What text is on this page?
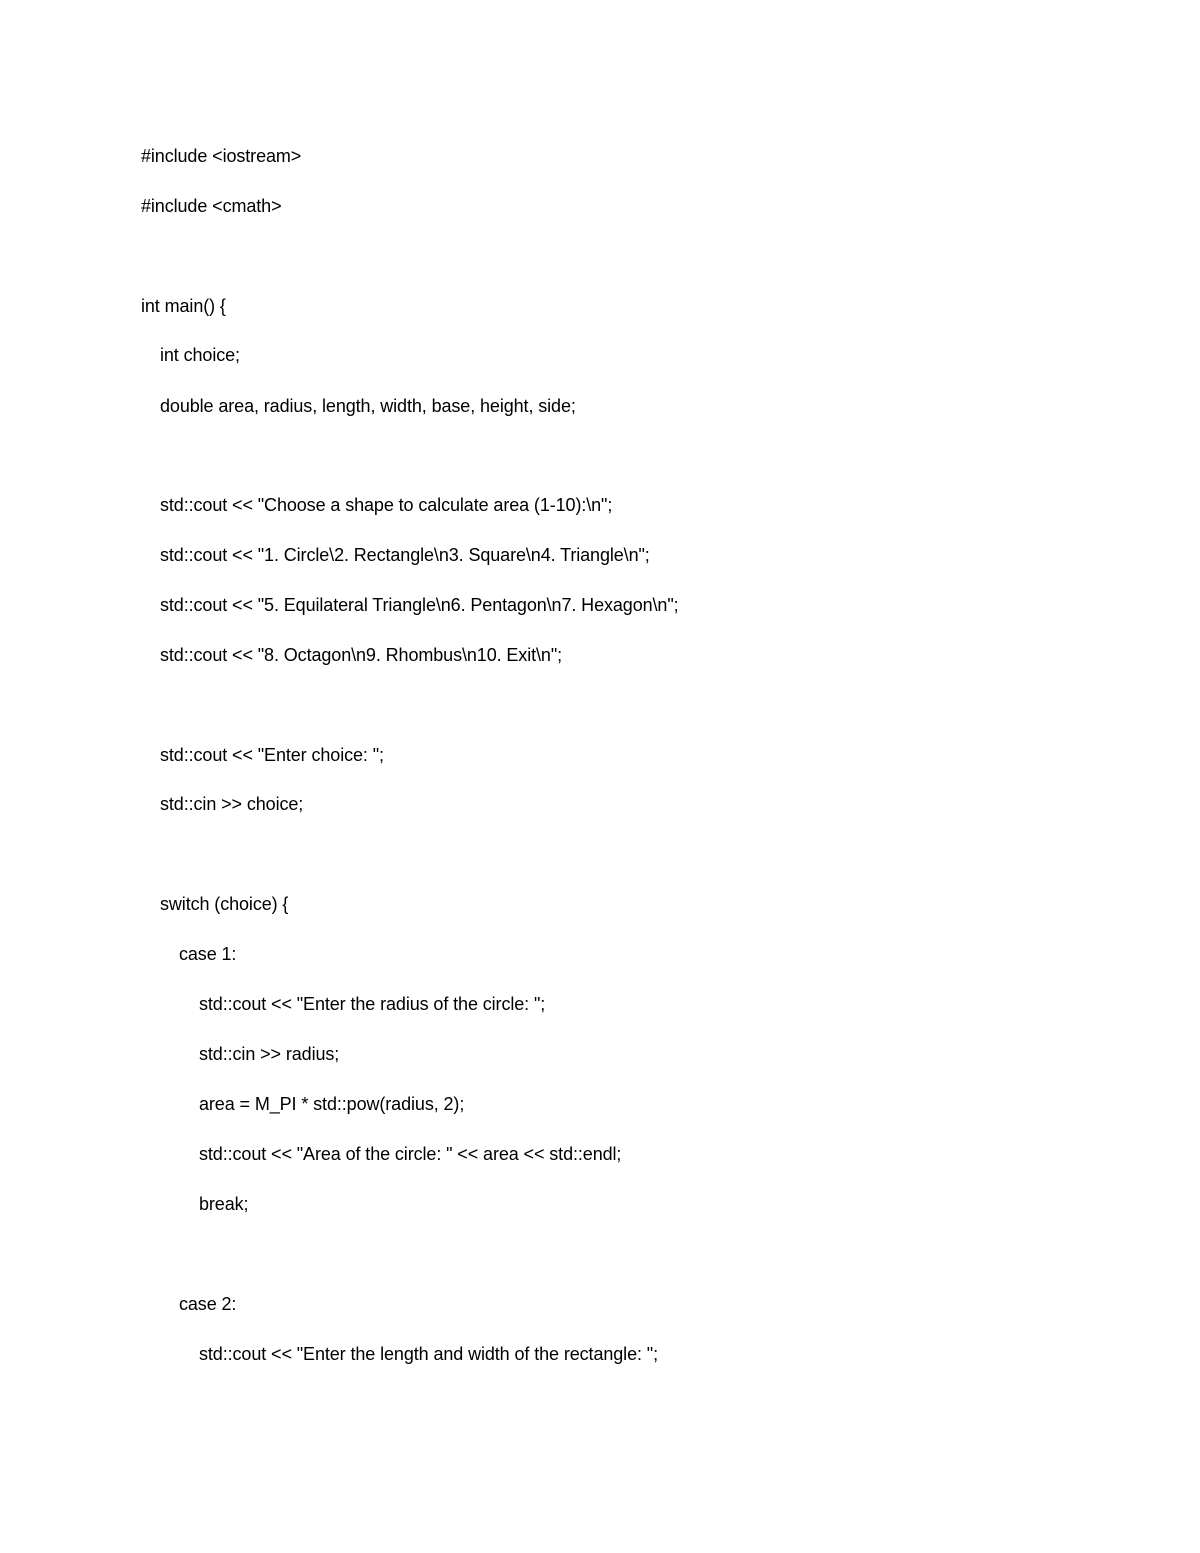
#include <iostream>
#include <cmath>
int main() {
int choice;
double area, radius, length, width, base, height, side;
std::cout << "Choose a shape to calculate area (1-10):\n";
std::cout << "1. Circle\2. Rectangle\n3. Square\n4. Triangle\n";
std::cout << "5. Equilateral Triangle\n6. Pentagon\n7. Hexagon\n";
std::cout << "8. Octagon\n9. Rhombus\n10. Exit\n";
std::cout << "Enter choice: ";
std::cin >> choice;
switch (choice) {
case 1:
std::cout << "Enter the radius of the circle: ";
std::cin >> radius;
area = M_PI * std::pow(radius, 2);
std::cout << "Area of the circle: " << area << std::endl;
break;
case 2:
std::cout << "Enter the length and width of the rectangle: ";
